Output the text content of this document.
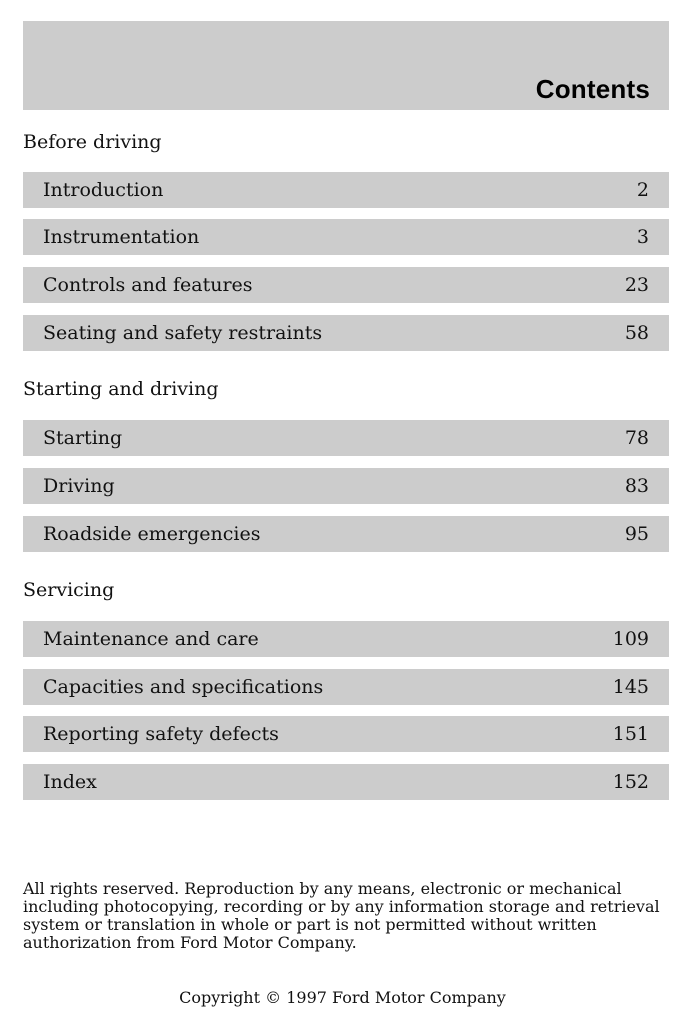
Contents
Before driving
Introduction	2
Instrumentation	3
Controls and features	23
Seating and safety restraints	58
Starting and driving
Starting	78
Driving	83
Roadside emergencies	95
Servicing
Maintenance and care	109
Capacities and specifications	145
Reporting safety defects	151
Index	152
All rights reserved. Reproduction by any means, electronic or mechanical including photocopying, recording or by any information storage and retrieval system or translation in whole or part is not permitted without written authorization from Ford Motor Company.
Copyright © 1997 Ford Motor Company
